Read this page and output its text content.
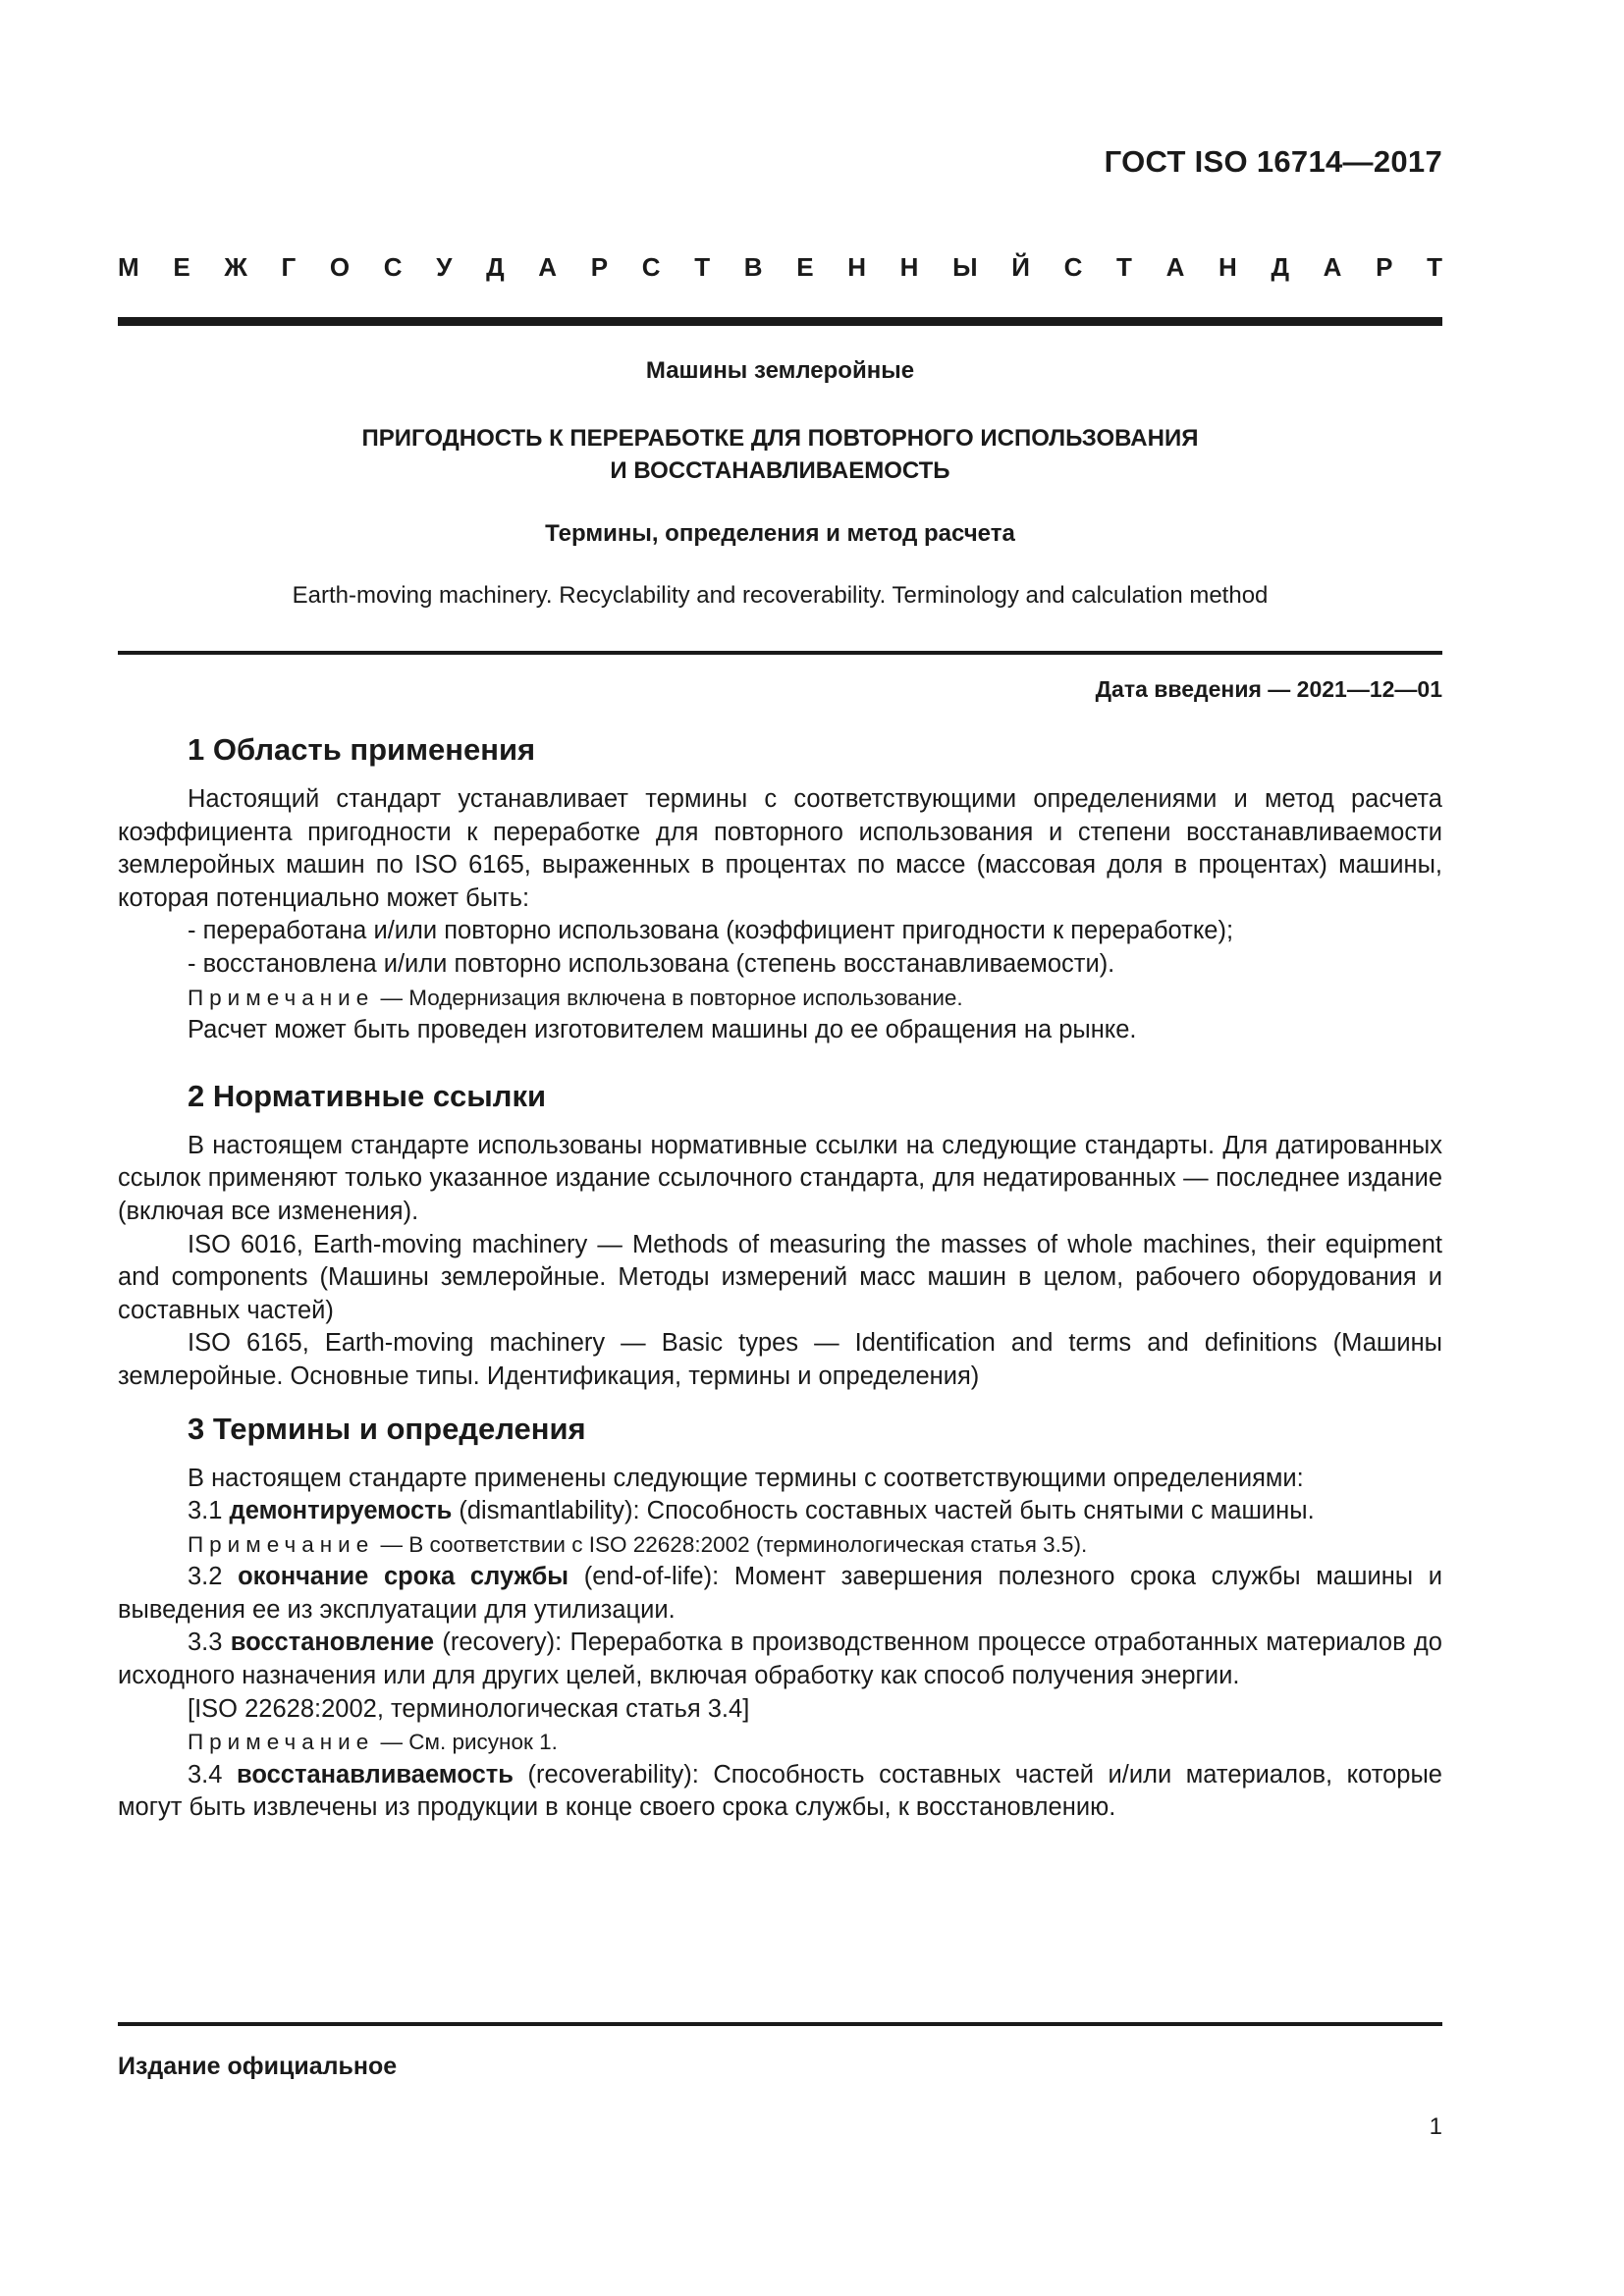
ГОСТ ISO 16714—2017
М Е Ж Г О С У Д А Р С Т В Е Н Н Ы Й С Т А Н Д А Р Т
Машины землеройные
ПРИГОДНОСТЬ К ПЕРЕРАБОТКЕ ДЛЯ ПОВТОРНОГО ИСПОЛЬЗОВАНИЯ
И ВОССТАНАВЛИВАЕМОСТЬ
Термины, определения и метод расчета
Earth-moving machinery. Recyclability and recoverability. Terminology and calculation method
Дата введения — 2021—12—01
1 Область применения

Настоящий стандарт устанавливает термины с соответствующими определениями и метод расчета коэффициента пригодности к переработке для повторного использования и степени восстанавливаемости землеройных машин по ISO 6165, выраженных в процентах по массе (массовая доля в процентах) машины, которая потенциально может быть:

- переработана и/или повторно использована (коэффициент пригодности к переработке);
- восстановлена и/или повторно использована (степень восстанавливаемости).

Примечание — Модернизация включена в повторное использование.

Расчет может быть проведен изготовителем машины до ее обращения на рынке.

2 Нормативные ссылки

В настоящем стандарте использованы нормативные ссылки на следующие стандарты. Для датированных ссылок применяют только указанное издание ссылочного стандарта, для недатированных — последнее издание (включая все изменения).

ISO 6016, Earth-moving machinery — Methods of measuring the masses of whole machines, their equipment and components (Машины землеройные. Методы измерений масс машин в целом, рабочего оборудования и составных частей)

ISO 6165, Earth-moving machinery — Basic types — Identification and terms and definitions (Машины землеройные. Основные типы. Идентификация, термины и определения)

3 Термины и определения

В настоящем стандарте применены следующие термины с соответствующими определениями:

3.1 демонтируемость (dismantlability): Способность составных частей быть снятыми с машины.

Примечание — В соответствии с ISO 22628:2002 (терминологическая статья 3.5).

3.2 окончание срока службы (end-of-life): Момент завершения полезного срока службы машины и выведения ее из эксплуатации для утилизации.

3.3 восстановление (recovery): Переработка в производственном процессе отработанных материалов до исходного назначения или для других целей, включая обработку как способ получения энергии.

[ISO 22628:2002, терминологическая статья 3.4]

Примечание — См. рисунок 1.

3.4 восстанавливаемость (recoverability): Способность составных частей и/или материалов, которые могут быть извлечены из продукции в конце своего срока службы, к восстановлению.

Издание официальное
1
